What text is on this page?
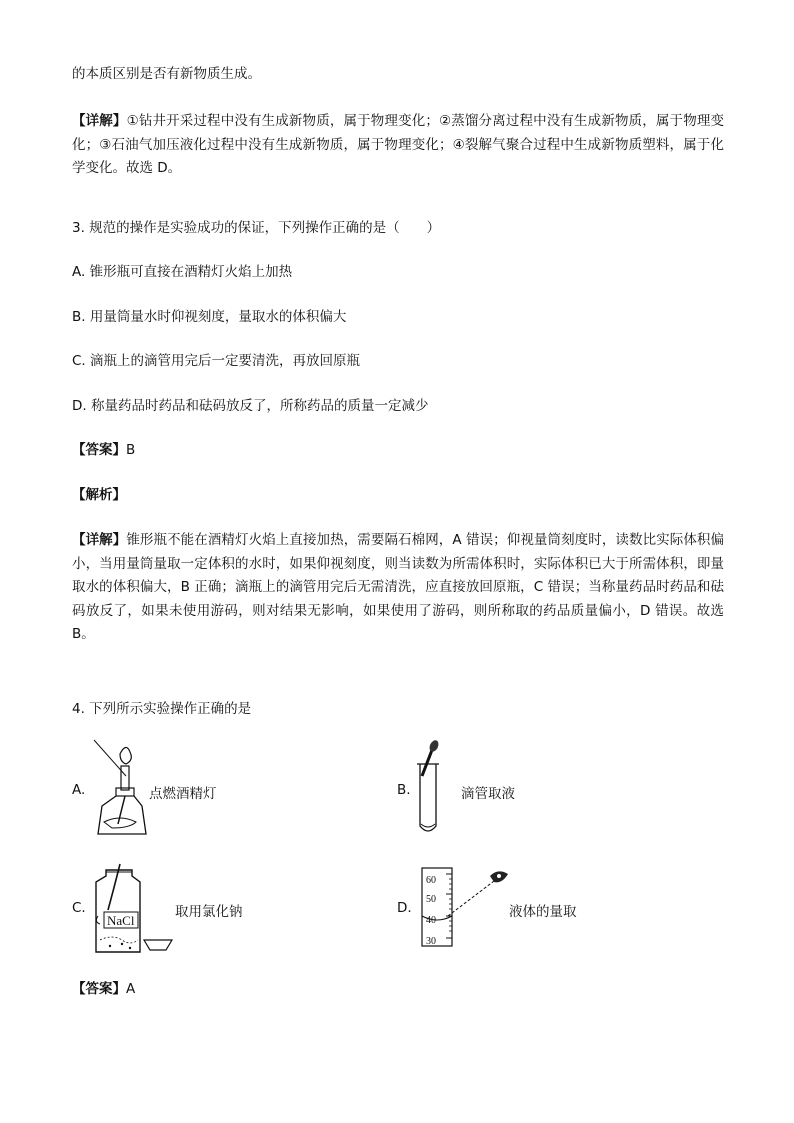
的本质区别是否有新物质生成。
【详解】①钻井开采过程中没有生成新物质，属于物理变化；②蒸馏分离过程中没有生成新物质，属于物理变化；③石油气加压液化过程中没有生成新物质，属于物理变化；④裂解气聚合过程中生成新物质塑料，属于化学变化。故选 D。
3. 规范的操作是实验成功的保证，下列操作正确的是（　　）
A. 锥形瓶可直接在酒精灯火焰上加热
B. 用量筒量水时仰视刻度，量取水的体积偏大
C. 滴瓶上的滴管用完后一定要清洗，再放回原瓶
D. 称量药品时药品和砝码放反了，所称药品的质量一定减少
【答案】B
【解析】
【详解】锥形瓶不能在酒精灯火焰上直接加热，需要隔石棉网，A 错误；仰视量筒刻度时，读数比实际体积偏小，当用量筒量取一定体积的水时，如果仰视刻度，则当读数为所需体积时，实际体积已大于所需体积，即量取水的体积偏大，B 正确；滴瓶上的滴管用完后无需清洗，应直接放回原瓶，C 错误；当称量药品时药品和砝码放反了，如果未使用游码，则对结果无影响，如果使用了游码，则所称取的药品质量偏小，D 错误。故选 B。
4. 下列所示实验操作正确的是
A.	点燃酒精灯	B.	滴管取液
C.
NaCl
取用氯化钠	D.
60
50
40
30
液体的量取
【答案】A
